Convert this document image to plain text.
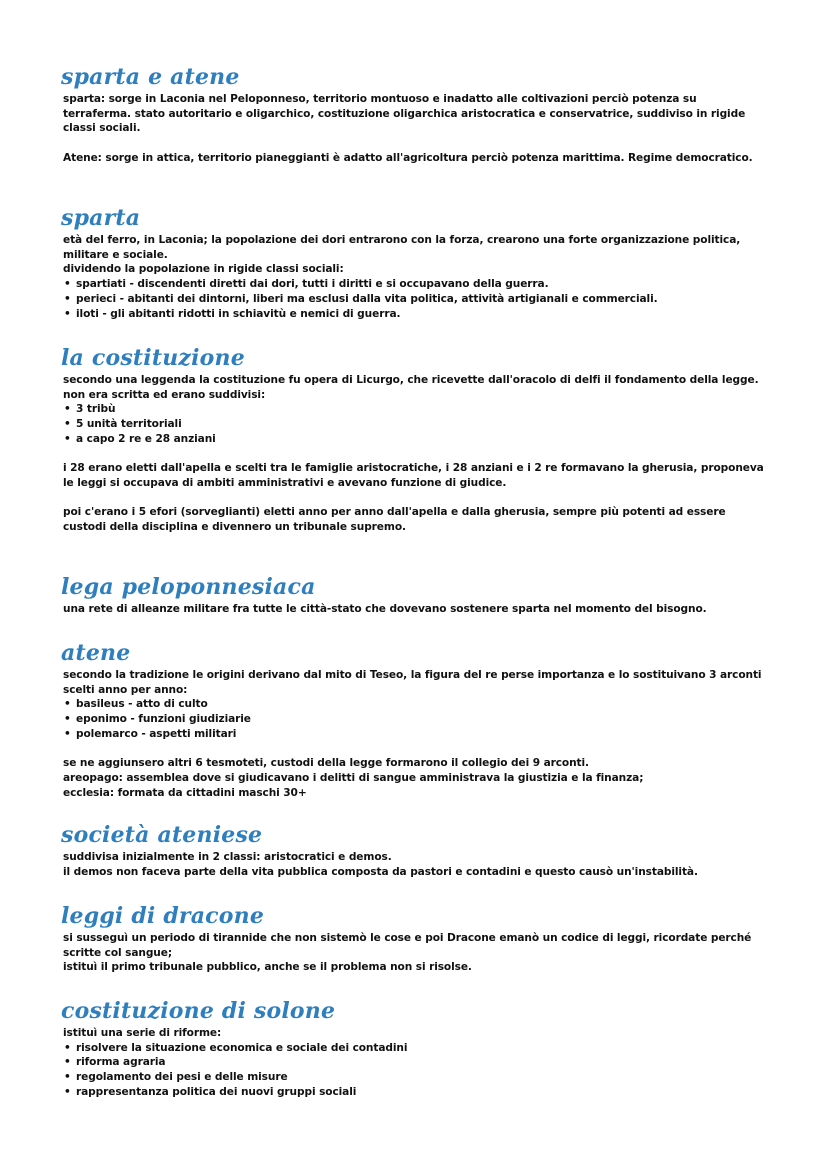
sparta e atene

sparta: sorge in Laconia nel Peloponneso, territorio montuoso e inadatto alle coltivazioni perciò potenza su terraferma. stato autoritario e oligarchico, costituzione oligarchica aristocratica e conservatrice, suddiviso in rigide classi sociali.

Atene: sorge in attica, territorio pianeggianti è adatto all'agricoltura perciò potenza marittima. Regime democratico.

sparta

età del ferro, in Laconia; la popolazione dei dori entrarono con la forza, crearono una forte organizzazione politica, militare e sociale.

dividendo la popolazione in rigide classi sociali:

• spartiati - discendenti diretti dai dori, tutti i diritti e si occupavano della guerra.
• perieci - abitanti dei dintorni, liberi ma esclusi dalla vita politica, attività artigianali e commerciali.
• iloti - gli abitanti ridotti in schiavitù e nemici di guerra.
la costituzione

secondo una leggenda la costituzione fu opera di Licurgo, che ricevette dall'oracolo di delfi il fondamento della legge.

non era scritta ed erano suddivisi:

• 3 tribù
• 5 unità territoriali
• a capo 2 re e 28 anziani

i 28 erano eletti dall'apella e scelti tra le famiglie aristocratiche, i 28 anziani e i 2 re formavano la gherusia, proponeva le leggi si occupava di ambiti amministrativi e avevano funzione di giudice.

poi c'erano i 5 efori (sorveglianti) eletti anno per anno dall'apella e dalla gherusia, sempre più potenti ad essere custodi della disciplina e divennero un tribunale supremo.

lega peloponnesiaca

una rete di alleanze militare fra tutte le città-stato che dovevano sostenere sparta nel momento del bisogno.

atene

secondo la tradizione le origini derivano dal mito di Teseo, la figura del re perse importanza e lo sostituivano 3 arconti scelti anno per anno:

• basileus - atto di culto
• eponimo - funzioni giudiziarie
• polemarco - aspetti militari

se ne aggiunsero altri 6 tesmoteti, custodi della legge formarono il collegio dei 9 arconti.

areopago: assemblea dove si giudicavano i delitti di sangue amministrava la giustizia e la finanza;

ecclesia: formata da cittadini maschi 30+

società ateniese

suddivisa inizialmente in 2 classi: aristocratici e demos.

il demos non faceva parte della vita pubblica composta da pastori e contadini e questo causò un'instabilità.

leggi di dracone

si susseguì un periodo di tirannide che non sistemò le cose e poi Dracone emanò un codice di leggi, ricordate perché scritte col sangue;

istituì il primo tribunale pubblico, anche se il problema non si risolse.

costituzione di solone

istituì una serie di riforme:

• risolvere la situazione economica e sociale dei contadini
• riforma agraria
• regolamento dei pesi e delle misure
• rappresentanza politica dei nuovi gruppi sociali
